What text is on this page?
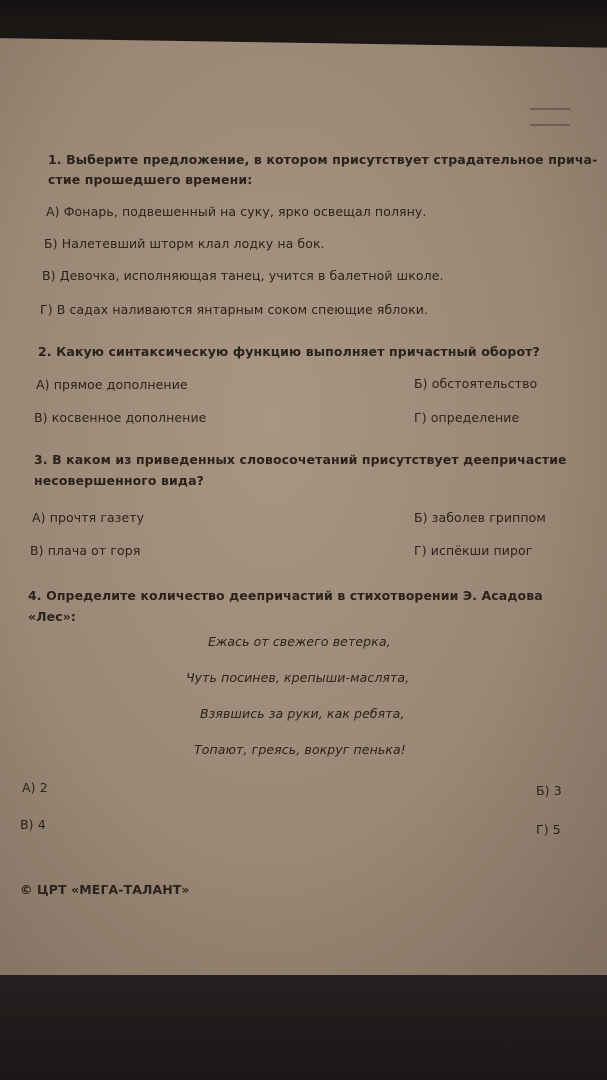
1. Выберите предложение, в котором присутствует страдательное прича-
стие прошедшего времени:
А) Фонарь, подвешенный на суку, ярко освещал поляну.
Б) Налетевший шторм клал лодку на бок.
В) Девочка, исполняющая танец, учится в балетной школе.
Г) В садах наливаются янтарным соком спеющие яблоки.
2. Какую синтаксическую функцию выполняет причастный оборот?
А) прямое дополнение	Б) обстоятельство
В) косвенное дополнение	Г) определение
3. В каком из приведенных словосочетаний присутствует деепричастие
несовершенного вида?
А) прочтя газету	Б) заболев гриппом
В) плача от горя	Г) испёкши пирог
4. Определите количество деепричастий в стихотворении Э. Асадова
«Лес»:
Ежась от свежего ветерка,
Чуть посинев, крепыши-маслята,
Взявшись за руки, как ребята,
Топают, греясь, вокруг пенька!
А) 2	Б) 3
В) 4	Г) 5
© ЦРТ «МЕГА-ТАЛАНТ»
